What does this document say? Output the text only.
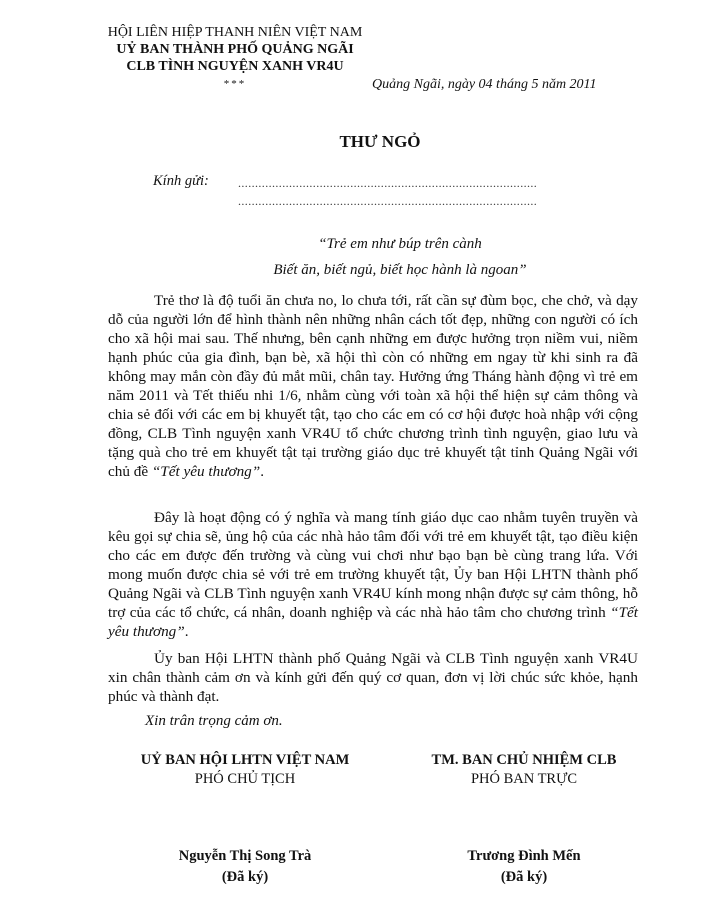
HỘI LIÊN HIỆP THANH NIÊN VIỆT NAM
UỶ BAN THÀNH PHỐ QUẢNG NGÃI
CLB TÌNH NGUYỆN XANH VR4U
***	Quảng Ngãi, ngày 04 tháng 5 năm 2011
THƯ NGỎ
Kính gửi: ........................................................................................
........................................................................................
“Trẻ em như búp trên cành
Biết ăn, biết ngủ, biết học hành là ngoan”
Trẻ thơ là độ tuổi ăn chưa no, lo chưa tới, rất cần sự đùm bọc, che chở, và dạy dỗ của người lớn để hình thành nên những nhân cách tốt đẹp, những con người có ích cho xã hội mai sau. Thế nhưng, bên cạnh những em được hưởng trọn niềm vui, niềm hạnh phúc của gia đình, bạn bè, xã hội thì còn có những em ngay từ khi sinh ra đã không may mắn còn đầy đủ mắt mũi, chân tay. Hưởng ứng Tháng hành động vì trẻ em năm 2011 và Tết thiếu nhi 1/6, nhằm cùng với toàn xã hội thể hiện sự cảm thông và chia sẻ đối với các em bị khuyết tật, tạo cho các em có cơ hội được hoà nhập với cộng đồng, CLB Tình nguyện xanh VR4U tổ chức chương trình tình nguyện, giao lưu và tặng quà cho trẻ em khuyết tật tại trường giáo dục trẻ khuyết tật tỉnh Quảng Ngãi với chủ đề “Tết yêu thương”.
Đây là hoạt động có ý nghĩa và mang tính giáo dục cao nhằm tuyên truyền và kêu gọi sự chia sẽ, ủng hộ của các nhà hảo tâm đối với trẻ em khuyết tật, tạo điều kiện cho các em được đến trường và cùng vui chơi như bạo bạn bè cùng trang lứa. Với mong muốn được chia sẻ với trẻ em trường khuyết tật, Ủy ban Hội LHTN thành phố Quảng Ngãi và CLB Tình nguyện xanh VR4U kính mong nhận được sự cảm thông, hỗ trợ của các tổ chức, cá nhân, doanh nghiệp và các nhà hảo tâm cho chương trình “Tết yêu thương”.
Ủy ban Hội LHTN thành phố Quảng Ngãi và CLB Tình nguyện xanh VR4U xin chân thành cảm ơn và kính gửi đến quý cơ quan, đơn vị lời chúc sức khỏe, hạnh phúc và thành đạt.
Xin trân trọng cảm ơn.
UỶ BAN HỘI LHTN VIỆT NAM
PHÓ CHỦ TỊCH
Nguyễn Thị Song Trà
(Đã ký)
TM. BAN CHỦ NHIỆM CLB
PHÓ BAN TRỰC
Trương Đình Mến
(Đã ký)
